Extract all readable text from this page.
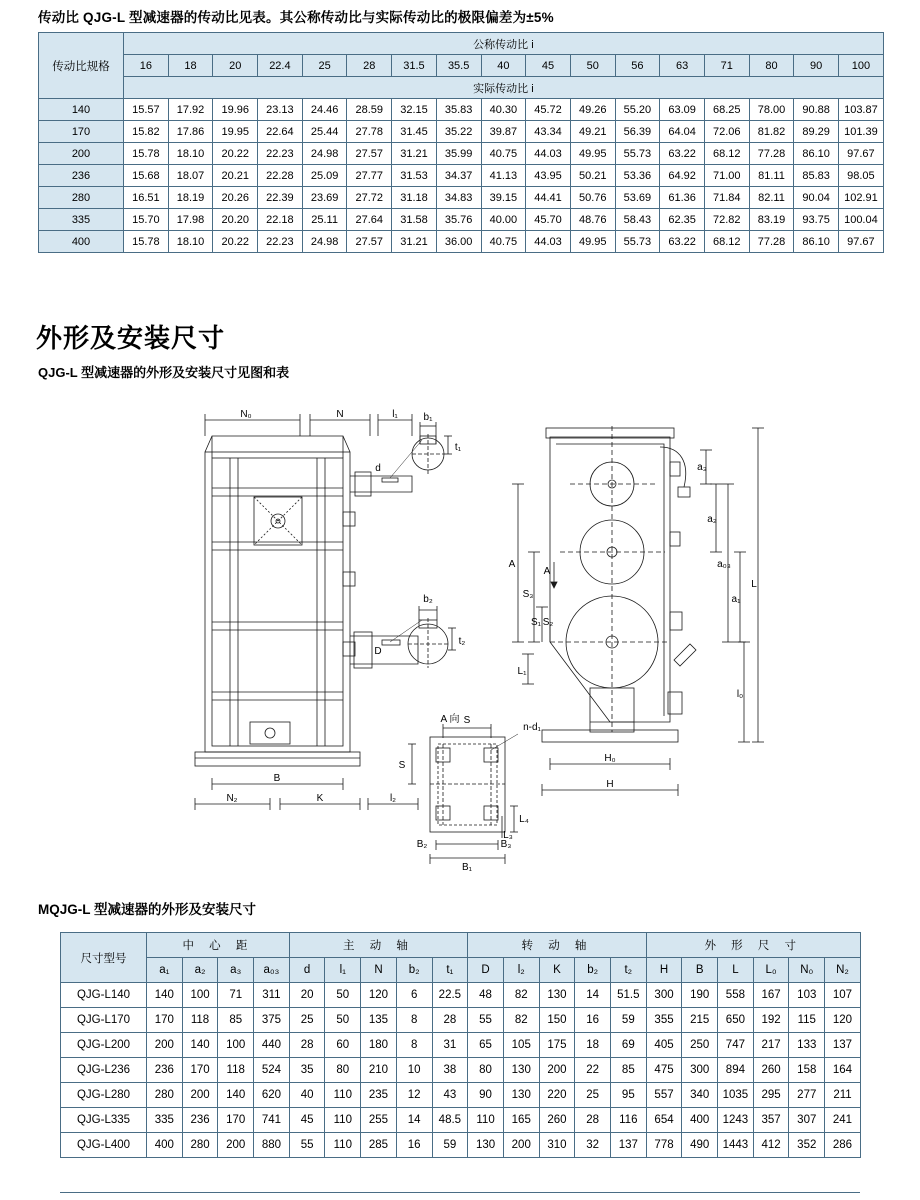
传动比 QJG-L 型减速器的传动比见表。其公称传动比与实际传动比的极限偏差为±5%
传动比规格	公称传动比 i																
	16	18	20	22.4	25	28	31.5	35.5	40	45	50	56	63	71	80	90	100
	实际传动比 i																
140	15.57	17.92	19.96	23.13	24.46	28.59	32.15	35.83	40.30	45.72	49.26	55.20	63.09	68.25	78.00	90.88	103.87
170	15.82	17.86	19.95	22.64	25.44	27.78	31.45	35.22	39.87	43.34	49.21	56.39	64.04	72.06	81.82	89.29	101.39
200	15.78	18.10	20.22	22.23	24.98	27.57	31.21	35.99	40.75	44.03	49.95	55.73	63.22	68.12	77.28	86.10	97.67
236	15.68	18.07	20.21	22.28	25.09	27.77	31.53	34.37	41.13	43.95	50.21	53.36	64.92	71.00	81.11	85.83	98.05
280	16.51	18.19	20.26	22.39	23.69	27.72	31.18	34.83	39.15	44.41	50.76	53.69	61.36	71.84	82.11	90.04	102.91
335	15.70	17.98	20.20	22.18	25.11	27.64	31.58	35.76	40.00	45.70	48.76	58.43	62.35	72.82	83.19	93.75	100.04
400	15.78	18.10	20.22	22.23	24.98	27.57	31.21	36.00	40.75	44.03	49.95	55.73	63.22	68.12	77.28	86.10	97.67
外形及安装尺寸
QJG-L 型减速器的外形及安装尺寸见图和表
N₀	N	l₁	b₁
d
t₁
D
b₂
t₂
B
N₂	K	l₂
A 向
S
S
n-d₁
L₄
L₃
B₂	B₃
B₁
A
A
S₃
S₁ S₂
L₁
a₃
a₂
a₀₃
a₁
L
l₀
H₀
H
MQJG-L 型减速器的外形及安装尺寸
尺寸型号	中 心 距				主 动 轴					转 动 轴					外 形 尺 寸					
	a₁	a₂	a₃	a₀₃	d	l₁	N	b₂	t₁	D	l₂	K	b₂	t₂	H	B	L	L₀	N₀	N₂
QJG-L140	140	100	71	311	20	50	120	6	22.5	48	82	130	14	51.5	300	190	558	167	103	107
QJG-L170	170	118	85	375	25	50	135	8	28	55	82	150	16	59	355	215	650	192	115	120
QJG-L200	200	140	100	440	28	60	180	8	31	65	105	175	18	69	405	250	747	217	133	137
QJG-L236	236	170	118	524	35	80	210	10	38	80	130	200	22	85	475	300	894	260	158	164
QJG-L280	280	200	140	620	40	110	235	12	43	90	130	220	25	95	557	340	1035	295	277	211
QJG-L335	335	236	170	741	45	110	255	14	48.5	110	165	260	28	116	654	400	1243	357	307	241
QJG-L400	400	280	200	880	55	110	285	16	59	130	200	310	32	137	778	490	1443	412	352	286
